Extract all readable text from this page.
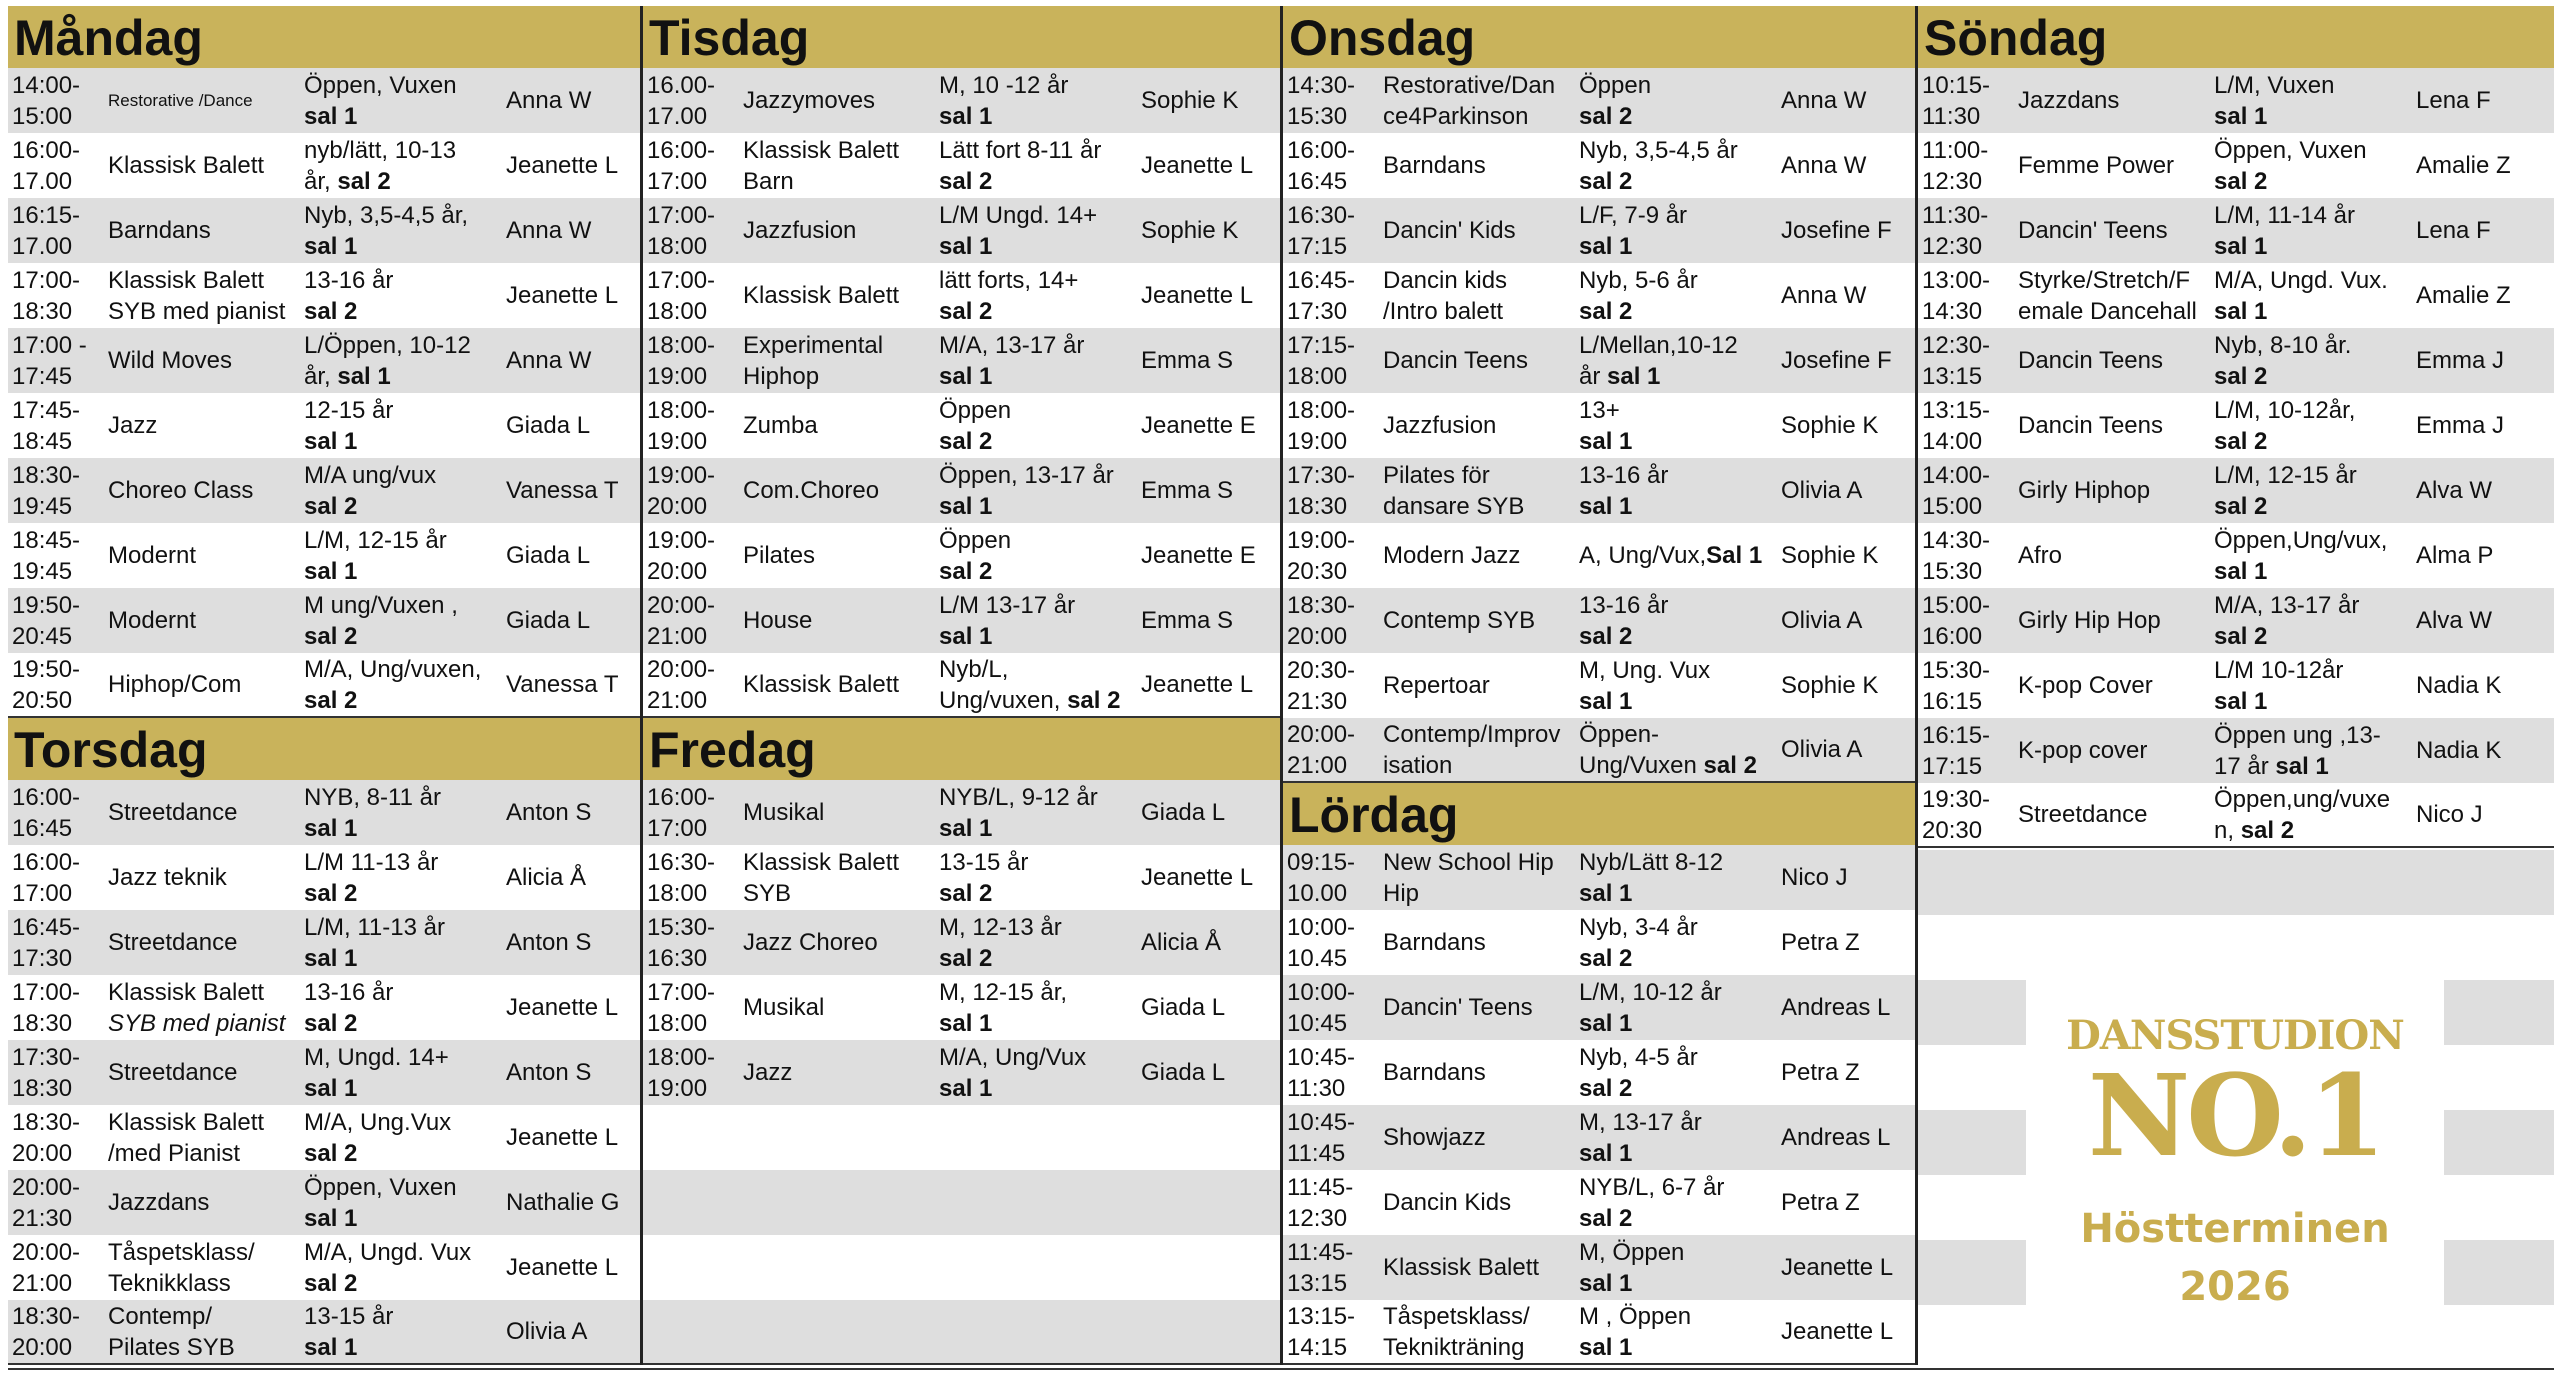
Måndag
14:00-
15:00
Restorative /Dance
Öppen, Vuxen
sal 1
Anna W
16:00-
17.00
Klassisk Balett
nyb/lätt, 10-13
år, sal 2
Jeanette L
16:15-
17.00
Barndans
Nyb, 3,5-4,5 år,
sal 1
Anna W
17:00-
18:30
Klassisk Balett
SYB med pianist
13-16 år
sal 2
Jeanette L
17:00 -
17:45
Wild Moves
L/Öppen, 10-12
år, sal 1
Anna W
17:45-
18:45
Jazz
12-15 år
sal 1
Giada L
18:30-
19:45
Choreo Class
M/A ung/vux
sal 2
Vanessa T
18:45-
19:45
Modernt
L/M, 12-15 år
sal 1
Giada L
19:50-
20:45
Modernt
M ung/Vuxen ,
sal 2
Giada L
19:50-
20:50
Hiphop/Com
M/A, Ung/vuxen,
sal 2
Vanessa T
Torsdag
16:00-
16:45
Streetdance
NYB, 8-11 år
sal 1
Anton S
16:00-
17:00
Jazz teknik
L/M 11-13 år
sal 2
Alicia Å
16:45-
17:30
Streetdance
L/M, 11-13 år
sal 1
Anton S
17:00-
18:30
Klassisk Balett
SYB med pianist
13-16 år
sal 2
Jeanette L
17:30-
18:30
Streetdance
M, Ungd. 14+
sal 1
Anton S
18:30-
20:00
Klassisk Balett
/med Pianist
M/A, Ung.Vux
sal 2
Jeanette L
20:00-
21:30
Jazzdans
Öppen, Vuxen
sal 1
Nathalie G
20:00-
21:00
Tåspetsklass/
Teknikklass
M/A, Ungd. Vux
sal 2
Jeanette L
18:30-
20:00
Contemp/
Pilates SYB
13-15 år
sal 1
Olivia A
Tisdag
16.00-
17.00
Jazzymoves
M, 10 -12 år
sal 1
Sophie K
16:00-
17:00
Klassisk Balett
Barn
Lätt fort 8-11 år
sal 2
Jeanette L
17:00-
18:00
Jazzfusion
L/M Ungd. 14+
sal 1
Sophie K
17:00-
18:00
Klassisk Balett
lätt forts, 14+
sal 2
Jeanette L
18:00-
19:00
Experimental
Hiphop
M/A, 13-17 år
sal 1
Emma S
18:00-
19:00
Zumba
Öppen
sal 2
Jeanette E
19:00-
20:00
Com.Choreo
Öppen, 13-17 år
sal 1
Emma S
19:00-
20:00
Pilates
Öppen
sal 2
Jeanette E
20:00-
21:00
House
L/M 13-17 år
sal 1
Emma S
20:00-
21:00
Klassisk Balett
Nyb/L,
Ung/vuxen, sal 2
Jeanette L
Fredag
16:00-
17:00
Musikal
NYB/L, 9-12 år
sal 1
Giada L
16:30-
18:00
Klassisk Balett
SYB
13-15 år
sal 2
Jeanette L
15:30-
16:30
Jazz Choreo
M, 12-13 år
sal 2
Alicia Å
17:00-
18:00
Musikal
M, 12-15 år,
sal 1
Giada L
18:00-
19:00
Jazz
M/A, Ung/Vux
sal 1
Giada L
Onsdag
14:30-
15:30
Restorative/Dan
ce4Parkinson
Öppen
sal 2
Anna W
16:00-
16:45
Barndans
Nyb, 3,5-4,5 år
sal 2
Anna W
16:30-
17:15
Dancin' Kids
L/F, 7-9 år
sal 1
Josefine F
16:45-
17:30
Dancin kids
/Intro balett
Nyb, 5-6 år
sal 2
Anna W
17:15-
18:00
Dancin Teens
L/Mellan,10-12
år sal 1
Josefine F
18:00-
19:00
Jazzfusion
13+
sal 1
Sophie K
17:30-
18:30
Pilates för
dansare SYB
13-16 år
sal 1
Olivia A
19:00-
20:30
Modern Jazz	A, Ung/Vux,Sal 1 Sophie K
18:30-
20:00
Contemp SYB
13-16 år
sal 2
Olivia A
20:30-
21:30
Repertoar
M, Ung. Vux
sal 1
Sophie K
20:00-
21:00
Contemp/Improv
isation
Öppen-
Ung/Vuxen sal 2
Olivia A
Lördag
09:15-
10.00
New School Hip
Hip
Nyb/Lätt 8-12
sal 1
Nico J
10:00-
10.45
Barndans
Nyb, 3-4 år
sal 2
Petra Z
10:00-
10:45
Dancin' Teens
L/M, 10-12 år
sal 1
Andreas L
10:45-
11:30
Barndans
Nyb, 4-5 år
sal 2
Petra Z
10:45-
11:45
Showjazz
M, 13-17 år
sal 1
Andreas L
11:45-
12:30
Dancin Kids
NYB/L, 6-7 år
sal 2
Petra Z
11:45-
13:15
Klassisk Balett
M, Öppen
sal 1
Jeanette L
13:15-
14:15
Tåspetsklass/
Teknikträning
M , Öppen
sal 1
Jeanette L
Söndag
10:15-
11:30
Jazzdans
L/M, Vuxen
sal 1
Lena F
11:00-
12:30
Femme Power
Öppen, Vuxen
sal 2
Amalie Z
11:30-
12:30
Dancin' Teens
L/M, 11-14 år
sal 1
Lena F
13:00-
14:30
Styrke/Stretch/F
emale Dancehall
M/A, Ungd. Vux.
sal 1
Amalie Z
12:30-
13:15
Dancin Teens
Nyb, 8-10 år.
sal 2
Emma J
13:15-
14:00
Dancin Teens
L/M, 10-12år,
sal 2
Emma J
14:00-
15:00
Girly Hiphop
L/M, 12-15 år
sal 2
Alva W
14:30-
15:30
Afro
Öppen,Ung/vux,
sal 1
Alma P
15:00-
16:00
Girly Hip Hop
M/A, 13-17 år
sal 2
Alva W
15:30-
16:15
K-pop Cover
L/M 10-12år
sal 1
Nadia K
16:15-
17:15
K-pop cover
Öppen ung ,13-
17 år sal 1
Nadia K
19:30-
20:30
Streetdance
Öppen,ung/vuxe
n, sal 2
Nico J
DANSSTUDION
NO.1
Höstterminen
2026
